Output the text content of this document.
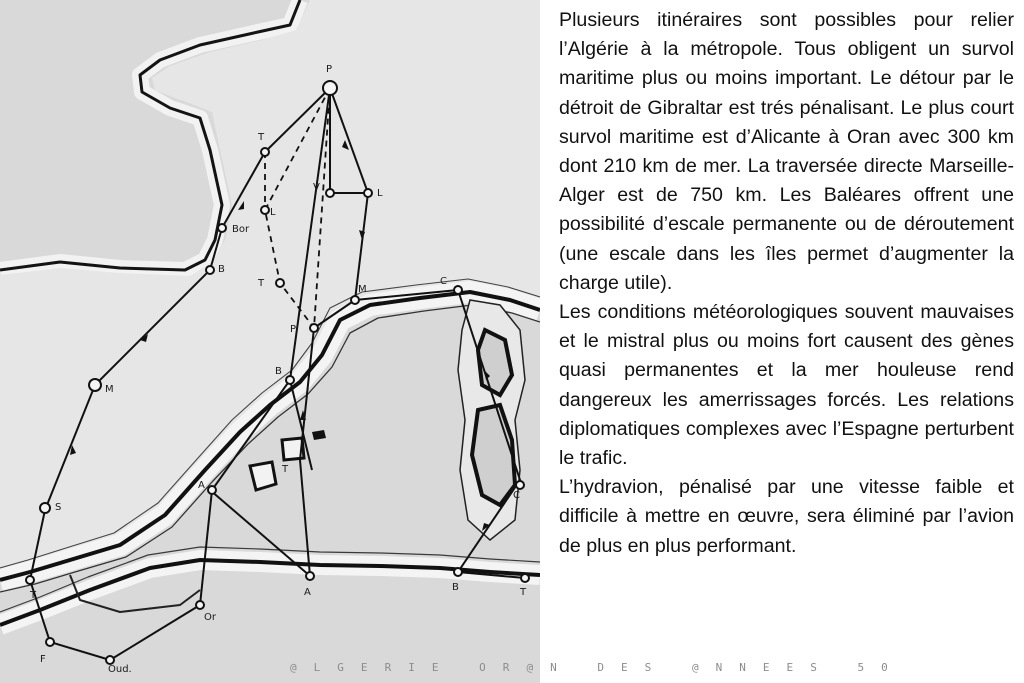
P
T
L
Bor
B
T
V
L
M
C
P
B
M
T
A
S
T
F
Oud.
Or
A
C
B	T

Plusieurs itinéraires sont possibles pour relier l’Algérie à la métropole. Tous obligent un survol maritime plus ou moins important. Le détour par le détroit de Gibraltar est trés pénalisant. Le plus court survol maritime est d’Alicante à Oran avec 300 km dont 210 km de mer. La traversée directe Marseille-Alger est de 750 km. Les Baléares offrent une possibilité d’escale permanente ou de déroutement (une escale dans les îles permet d’augmenter la charge utile).

Les conditions météorologiques souvent mauvaises et le mistral plus ou moins fort causent des gènes quasi permanentes et la mer houleuse rend dangereux les amerrissages forcés. Les relations diplomatiques complexes avec l’Espagne perturbent le trafic.

L’hydravion, pénalisé par une vitesse faible et difficile à mettre en œuvre, sera éliminé par l’avion de plus en plus performant.

@ L G E R I E   O R @ N   D E S   @ N N E E S   5 0
